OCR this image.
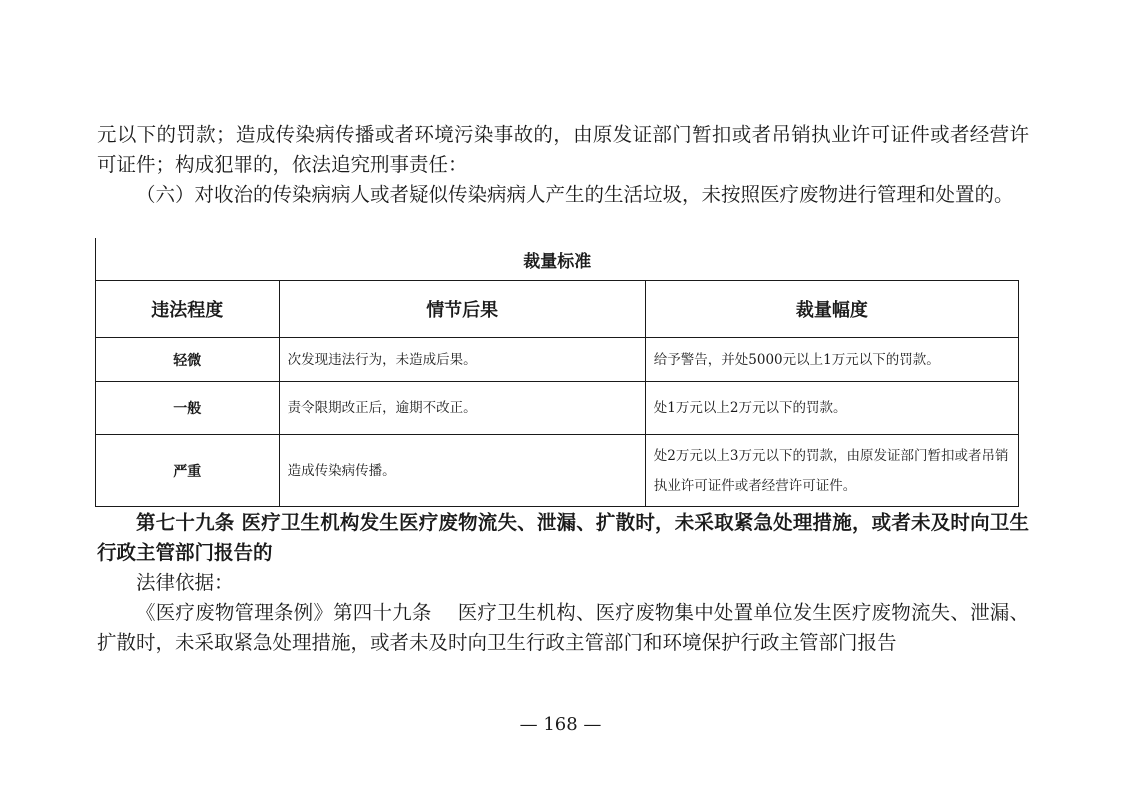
元以下的罚款；造成传染病传播或者环境污染事故的，由原发证部门暂扣或者吊销执业许可证件或者经营许可证件；构成犯罪的，依法追究刑事责任：

（六）对收治的传染病病人或者疑似传染病病人产生的生活垃圾，未按照医疗废物进行管理和处置的。

裁量标准		
违法程度	情节后果	裁量幅度
轻微	次发现违法行为，未造成后果。	给予警告，并处5000元以上1万元以下的罚款。
一般	责令限期改正后，逾期不改正。	处1万元以上2万元以下的罚款。
严重	造成传染病传播。	处2万元以上3万元以下的罚款，由原发证部门暂扣或者吊销执业许可证件或者经营许可证件。

第七十九条 医疗卫生机构发生医疗废物流失、泄漏、扩散时，未采取紧急处理措施，或者未及时向卫生行政主管部门报告的

法律依据：

《医疗废物管理条例》第四十九条　 医疗卫生机构、医疗废物集中处置单位发生医疗废物流失、泄漏、扩散时，未采取紧急处理措施，或者未及时向卫生行政主管部门和环境保护行政主管部门报告

— 168 —
